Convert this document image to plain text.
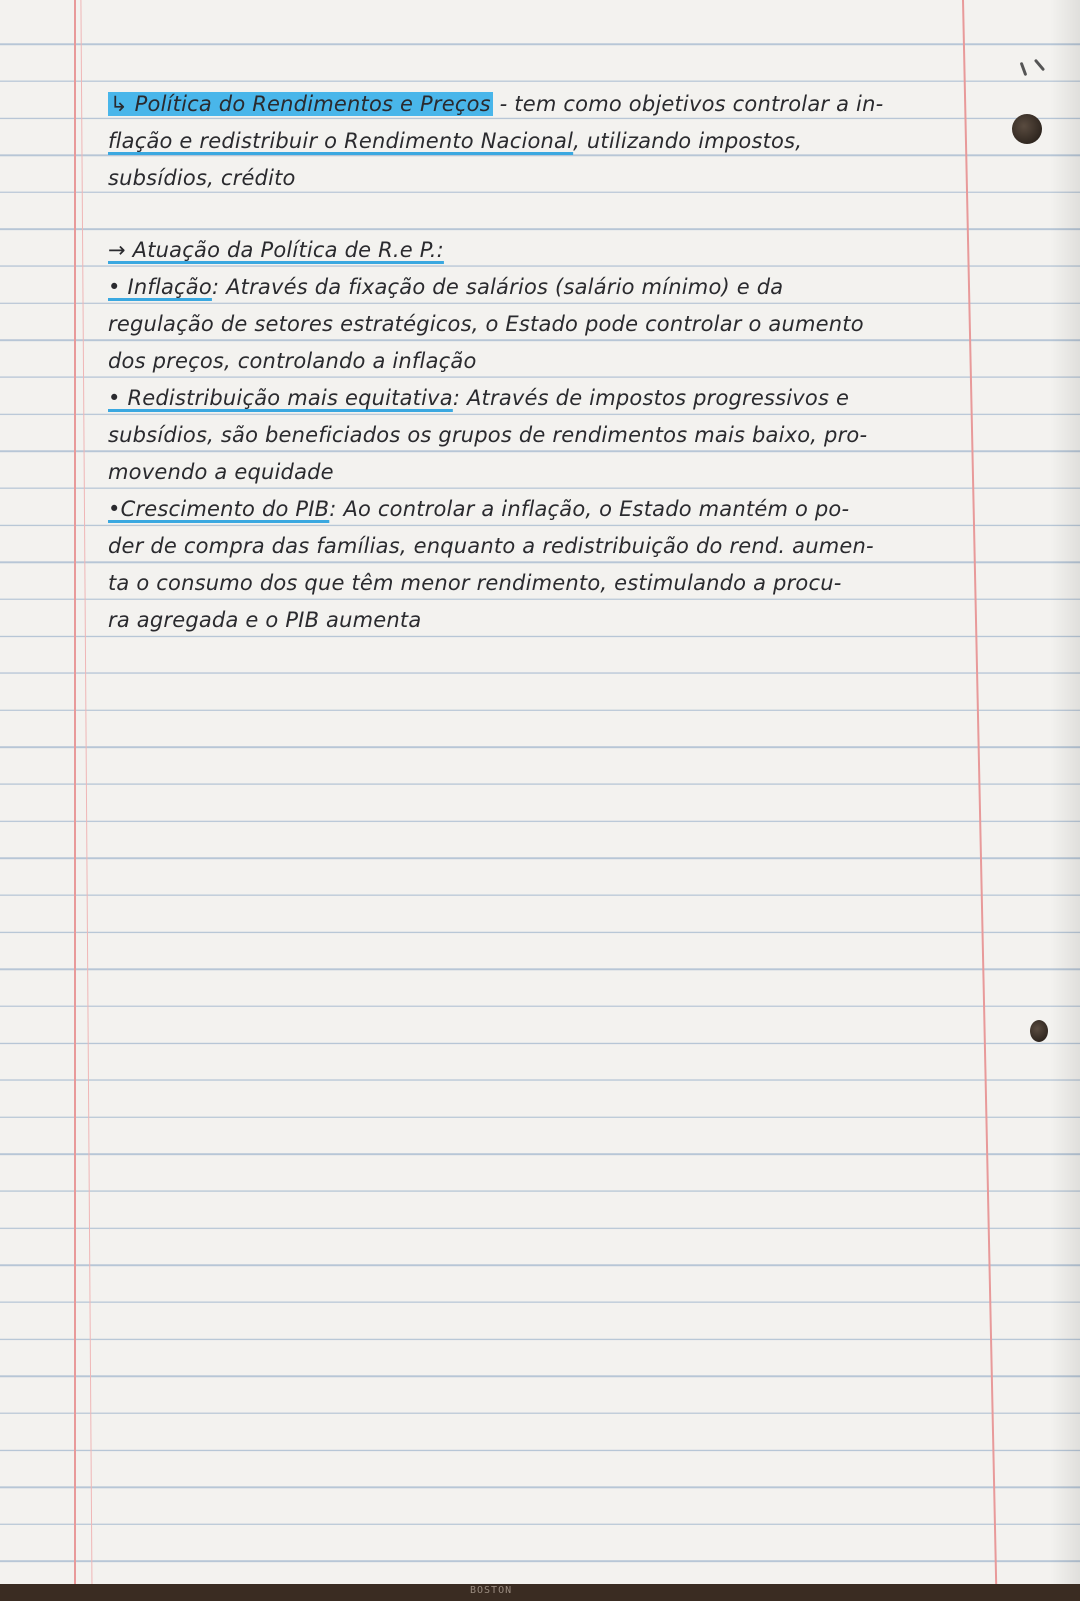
↳ Política do Rendimentos e Preços - tem como objetivos controlar a in-
flação e redistribuir o Rendimento Nacional, utilizando impostos,
subsídios, crédito
→ Atuação da Política de R.e P.:
• Inflação: Através da fixação de salários (salário mínimo) e da
regulação de setores estratégicos, o Estado pode controlar o aumento
dos preços, controlando a inflação
• Redistribuição mais equitativa: Através de impostos progressivos e
subsídios, são beneficiados os grupos de rendimentos mais baixo, pro-
movendo a equidade
•Crescimento do PIB: Ao controlar a inflação, o Estado mantém o po-
der de compra das famílias, enquanto a redistribuição do rend. aumen-
ta o consumo dos que têm menor rendimento, estimulando a procu-
ra agregada e o PIB aumenta
BOSTON
